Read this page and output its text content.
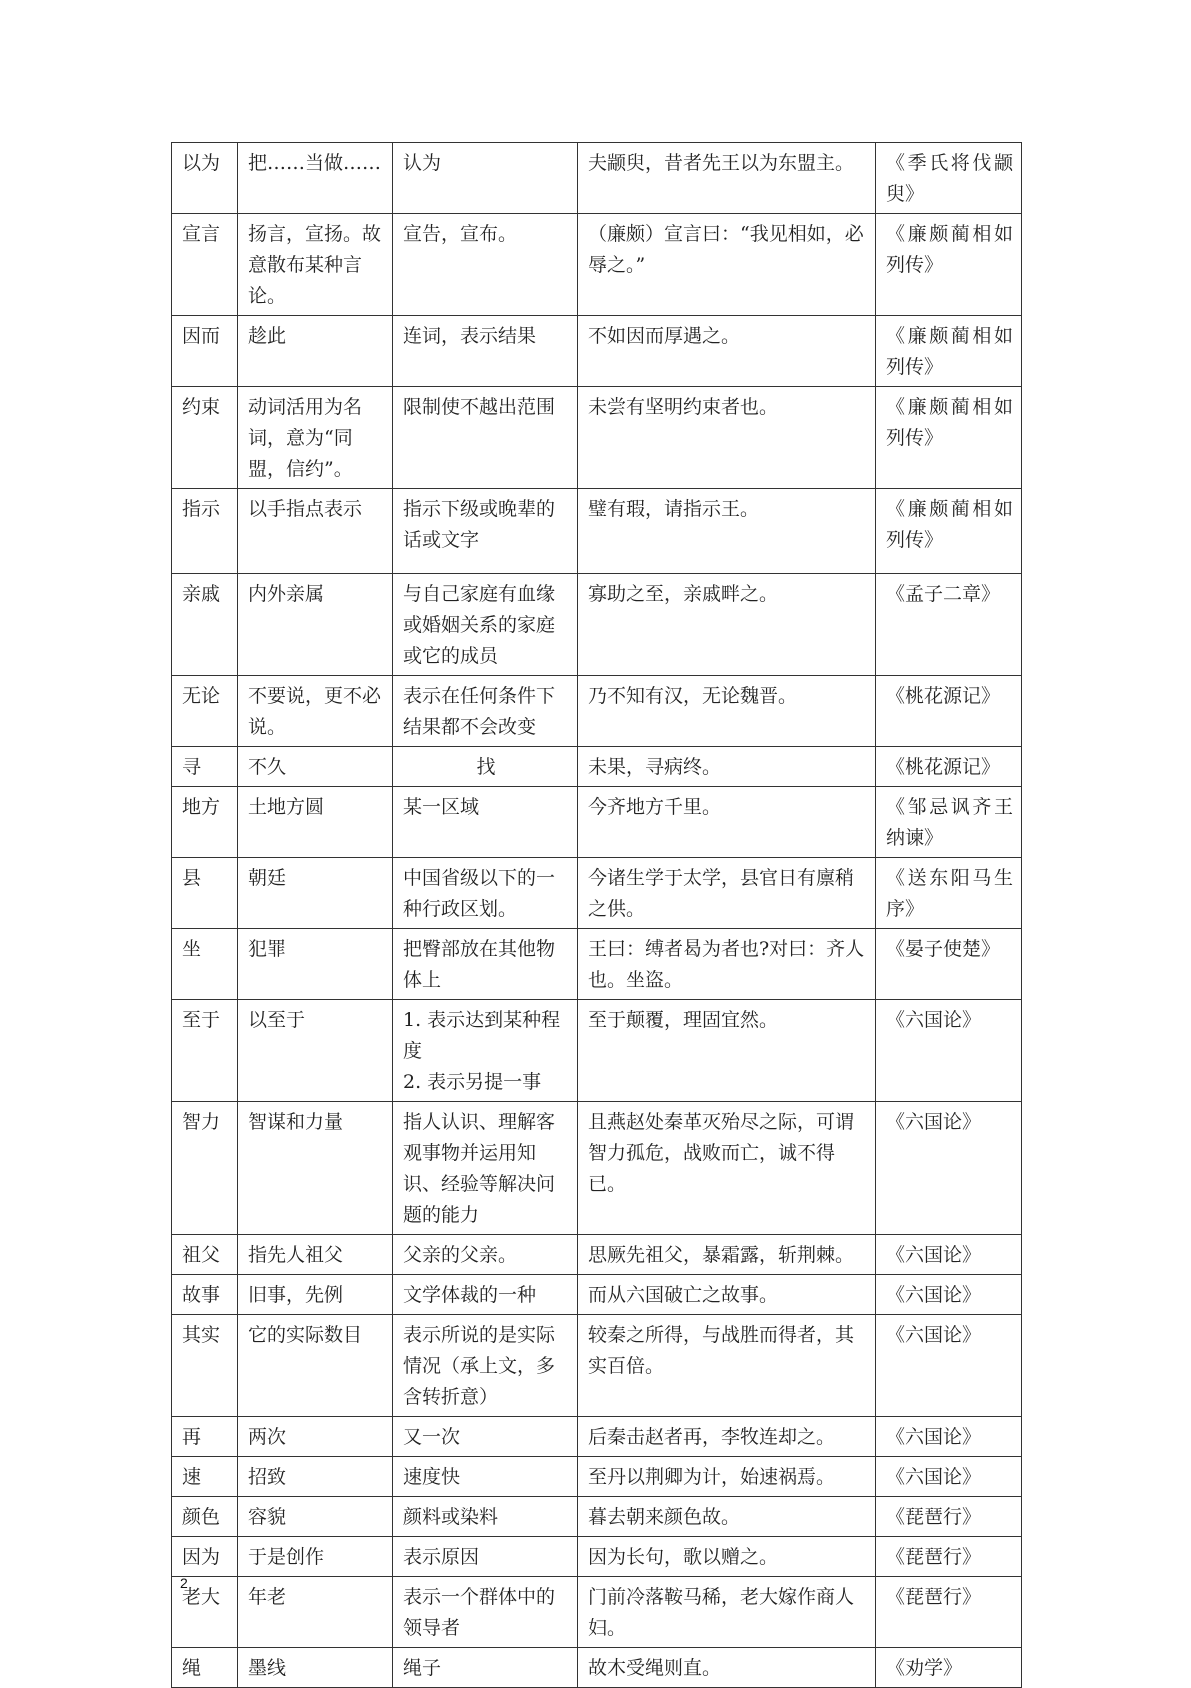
以为	把……当做……	认为	夫颛臾，昔者先王以为东盟主。	《季氏将伐颛臾》
宣言	扬言，宣扬。故意散布某种言论。	宣告，宣布。	（廉颇）宣言曰：“我见相如，必辱之。”	《廉颇蔺相如列传》
因而	趁此	连词，表示结果	不如因而厚遇之。	《廉颇蔺相如列传》
约束	动词活用为名词，意为“同盟，信约”。	限制使不越出范围	未尝有坚明约束者也。	《廉颇蔺相如列传》
指示	以手指点表示	指示下级或晚辈的话或文字	璧有瑕，请指示王。	《廉颇蔺相如列传》
亲戚	内外亲属	与自己家庭有血缘或婚姻关系的家庭或它的成员	寡助之至，亲戚畔之。	《孟子二章》
无论	不要说，更不必说。	表示在任何条件下结果都不会改变	乃不知有汉，无论魏晋。	《桃花源记》
寻	不久	找	未果，寻病终。	《桃花源记》
地方	土地方圆	某一区域	今齐地方千里。	《邹忌讽齐王纳谏》
县	朝廷	中国省级以下的一种行政区划。	今诸生学于太学，县官日有廪稍之供。	《送东阳马生序》
坐	犯罪	把臀部放在其他物体上	王曰：缚者曷为者也?对曰：齐人也。坐盗。	《晏子使楚》
至于	以至于	1. 表示达到某种程度
2. 表示另提一事	至于颠覆，理固宜然。	《六国论》
智力	智谋和力量	指人认识、理解客观事物并运用知识、经验等解决问题的能力	且燕赵处秦革灭殆尽之际，可谓智力孤危，战败而亡，诚不得已。	《六国论》
祖父	指先人祖父	父亲的父亲。	思厥先祖父，暴霜露，斩荆棘。	《六国论》
故事	旧事，先例	文学体裁的一种	而从六国破亡之故事。	《六国论》
其实	它的实际数目	表示所说的是实际情况（承上文，多含转折意）	较秦之所得，与战胜而得者，其实百倍。	《六国论》
再	两次	又一次	后秦击赵者再，李牧连却之。	《六国论》
速	招致	速度快	至丹以荆卿为计，始速祸焉。	《六国论》
颜色	容貌	颜料或染料	暮去朝来颜色故。	《琵琶行》
因为	于是创作	表示原因	因为长句，歌以赠之。	《琵琶行》
老大	年老	表示一个群体中的领导者	门前冷落鞍马稀，老大嫁作商人妇。	《琵琶行》
绳	墨线	绳子	故木受绳则直。	《劝学》
2
